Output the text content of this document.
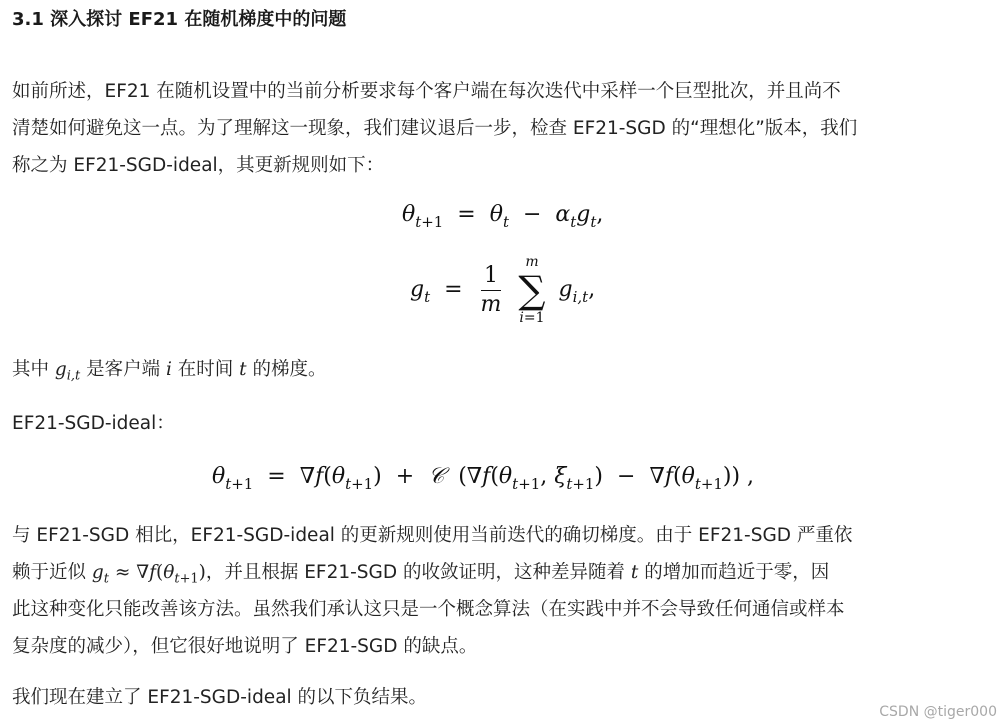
3.1 深入探讨 EF21 在随机梯度中的问题

如前所述，EF21 在随机设置中的当前分析要求每个客户端在每次迭代中采样一个巨型批次，并且尚不
清楚如何避免这一点。为了理解这一现象，我们建议退后一步，检查 EF21-SGD 的“理想化”版本，我们
称之为 EF21-SGD-ideal，其更新规则如下：

$\theta_{t+1} = \theta_t - \alpha_tg_t$,
$g_t = \frac{1}{m}$
	m
∑
i=1
$g_{i,t}$,

其中 $g_{i,t}$ 是客户端 i 在时间 t 的梯度。

EF21-SGD-ideal：

$\theta_{t+1} = \nabla f(\theta_{t+1})$  +  𝒞  ($\nabla f(\theta_{t+1}$, $\xi_{t+1}) - \nabla f(\theta_{t+1})$) ,

与 EF21-SGD 相比，EF21-SGD-ideal 的更新规则使用当前迭代的确切梯度。由于 EF21-SGD 严重依
赖于近似 $g_t \approx \nabla f(\theta_{t+1})$，并且根据 EF21-SGD 的收敛证明，这种差异随着 t 的增加而趋近于零，因
此这种变化只能改善该方法。虽然我们承认这只是一个概念算法（在实践中并不会导致任何通信或样本
复杂度的减少），但它很好地说明了 EF21-SGD 的缺点。

我们现在建立了 EF21-SGD-ideal 的以下负结果。

CSDN @tiger000
